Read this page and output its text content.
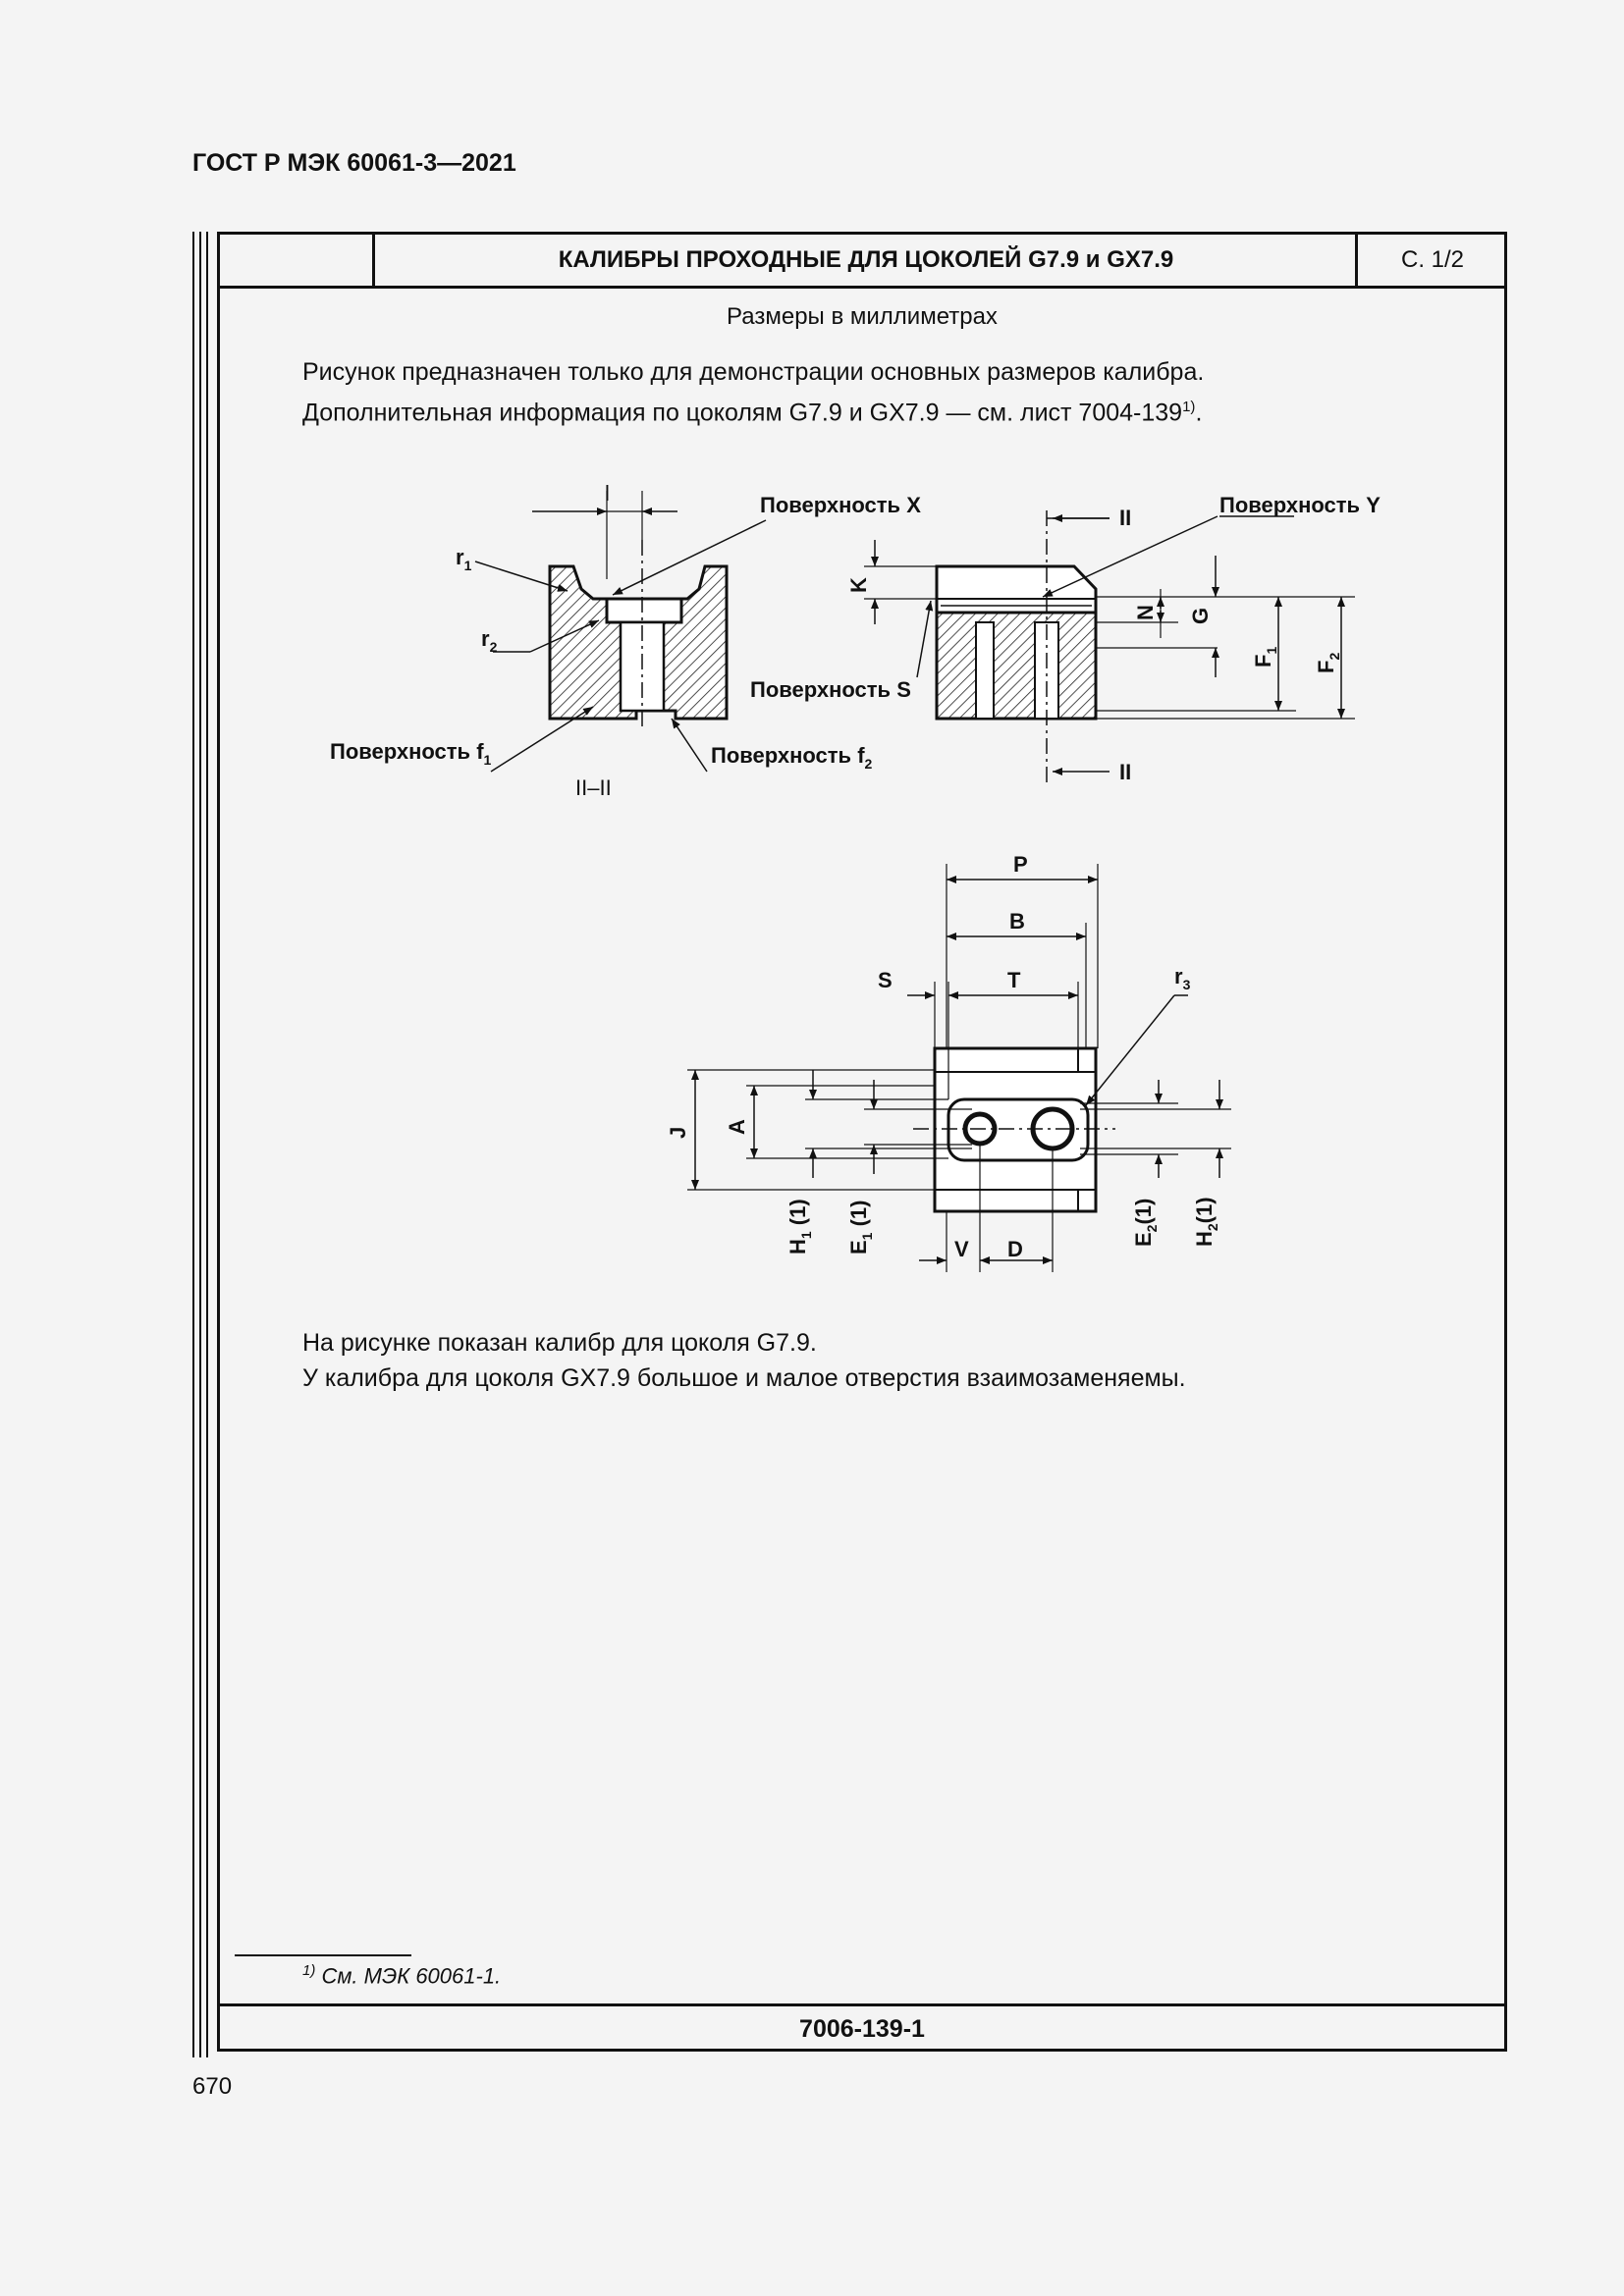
ГОСТ Р МЭК 60061-3—2021
КАЛИБРЫ ПРОХОДНЫЕ ДЛЯ ЦОКОЛЕЙ G7.9 и GX7.9	С. 1/2
Размеры в миллиметрах
Рисунок предназначен только для демонстрации основных размеров калибра.
Дополнительная информация по цоколям G7.9 и GX7.9 — см. лист 7004-139$^{1)}$.
На рисунке показан калибр для цоколя G7.9.
У калибра для цоколя GX7.9 большое и малое отверстия взаимозаменяемы.
$^{1)}$ См. МЭК 60061-1.
7006-139-1
670
l
$r_1$
$r_2$
Поверхность X
Поверхность $f_1$	Поверхность $f_2$
II–II
II
II
Поверхность Y
Поверхность S
K
N G
$F_1$
$F_2$
P
B
S	T	$r_3$
J A
$H_1$ (1)
$E_1$ (1)
$E_2(1)$
$H_2(1)$
V D
